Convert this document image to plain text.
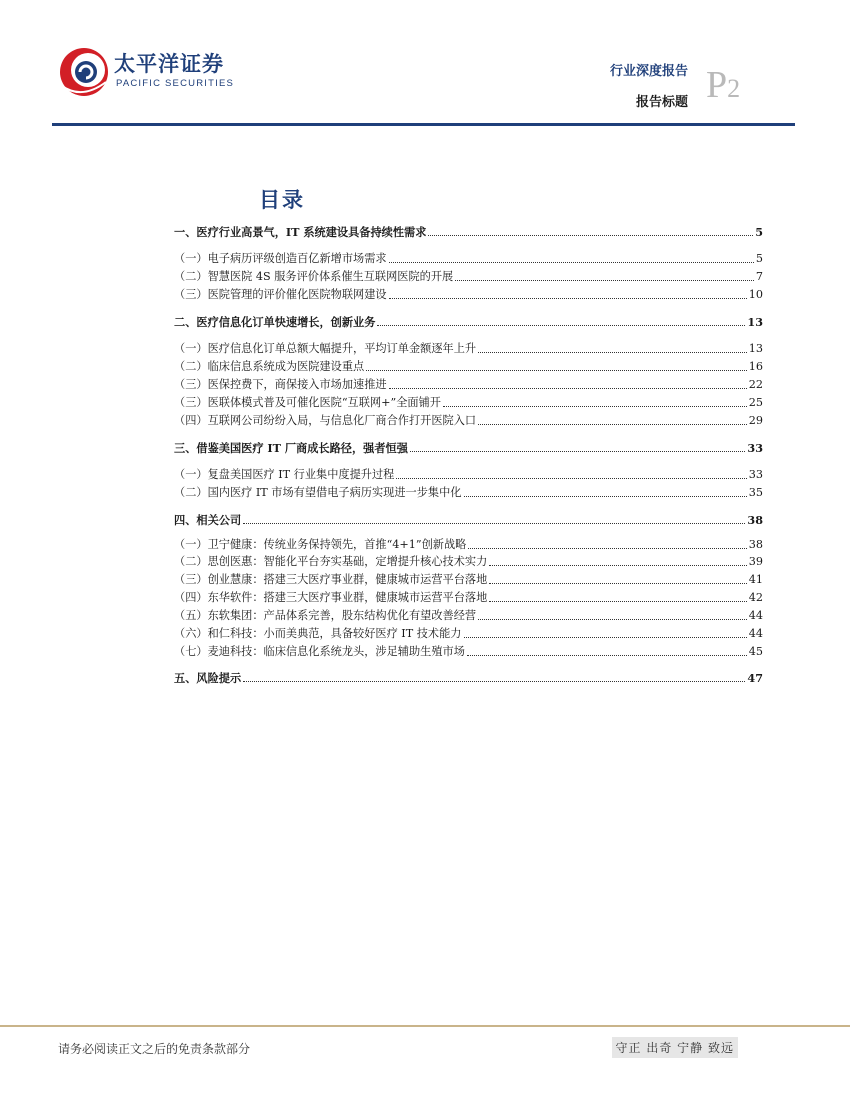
太平洋证券
PACIFIC SECURITIES
行业深度报告
报告标题 P2
目录
一、医疗行业高景气，IT 系统建设具备持续性需求	5
（一）电子病历评级创造百亿新增市场需求	5
（二）智慧医院 4S 服务评价体系催生互联网医院的开展	7
（三）医院管理的评价催化医院物联网建设	10
二、医疗信息化订单快速增长，创新业务	13
（一）医疗信息化订单总额大幅提升，平均订单金额逐年上升	13
（二）临床信息系统成为医院建设重点	16
（三）医保控费下，商保接入市场加速推进	22
（三）医联体模式普及可催化医院“互联网+”全面铺开	25
（四）互联网公司纷纷入局，与信息化厂商合作打开医院入口	29
三、借鉴美国医疗 IT 厂商成长路径，强者恒强	33
（一）复盘美国医疗 IT 行业集中度提升过程	33
（二）国内医疗 IT 市场有望借电子病历实现进一步集中化	35
四、相关公司	38
（一）卫宁健康：传统业务保持领先，首推“4+1”创新战略	38
（二）思创医惠：智能化平台夯实基础，定增提升核心技术实力	39
（三）创业慧康：搭建三大医疗事业群，健康城市运营平台落地	41
（四）东华软件：搭建三大医疗事业群，健康城市运营平台落地	42
（五）东软集团：产品体系完善，股东结构优化有望改善经营	44
（六）和仁科技：小而美典范，具备较好医疗 IT 技术能力	44
（七）麦迪科技：临床信息化系统龙头，涉足辅助生殖市场	45
五、风险提示	47
请务必阅读正文之后的免责条款部分	守正 出奇 宁静 致远
